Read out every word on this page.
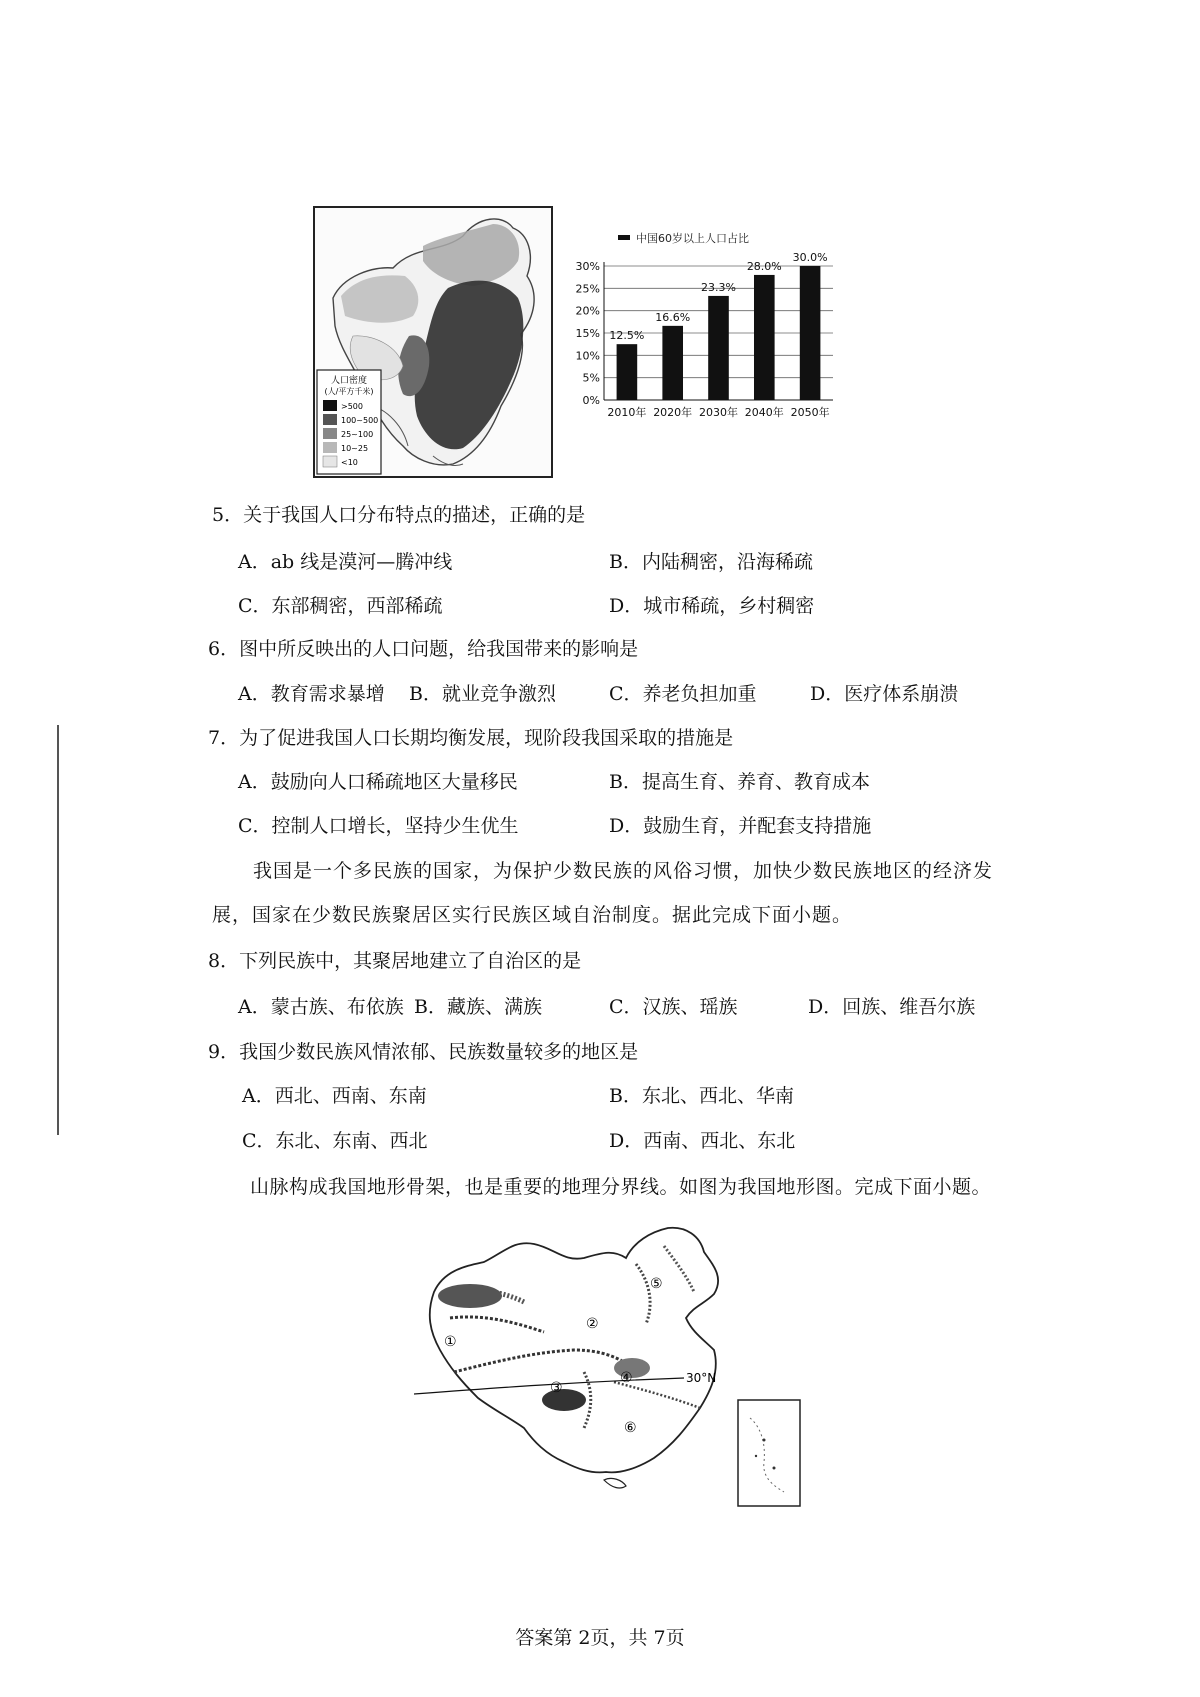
人口密度
(人/平方千米)
>500
100~500
25~100
10~25
<10
中国60岁以上人口占比
0%
5%
10%
15%
20%
25%
30%
12.5%
2010年
16.6%
2020年
23.3%
2030年
28.0%
2040年
30.0%
2050年
5．关于我国人口分布特点的描述，正确的是
A．ab 线是漠河—腾冲线	B．内陆稠密，沿海稀疏
C．东部稠密，西部稀疏	D．城市稀疏，乡村稠密
6．图中所反映出的人口问题，给我国带来的影响是
A．教育需求暴增 B．就业竞争激烈	C．养老负担加重	D．医疗体系崩溃
7．为了促进我国人口长期均衡发展，现阶段我国采取的措施是
A．鼓励向人口稀疏地区大量移民	B．提高生育、养育、教育成本
C．控制人口增长，坚持少生优生	D．鼓励生育，并配套支持措施
我国是一个多民族的国家，为保护少数民族的风俗习惯，加快少数民族地区的经济发
展，国家在少数民族聚居区实行民族区域自治制度。据此完成下面小题。
8．下列民族中，其聚居地建立了自治区的是
A．蒙古族、布依族 B．藏族、满族	C．汉族、瑶族	D．回族、维吾尔族
9．我国少数民族风情浓郁、民族数量较多的地区是
A．西北、西南、东南	B．东北、西北、华南
C．东北、东南、西北	D．西南、西北、东北
山脉构成我国地形骨架，也是重要的地理分界线。如图为我国地形图。完成下面小题。
30°N
①
②
③
④
⑤
⑥
答案第 2页，共 7页
